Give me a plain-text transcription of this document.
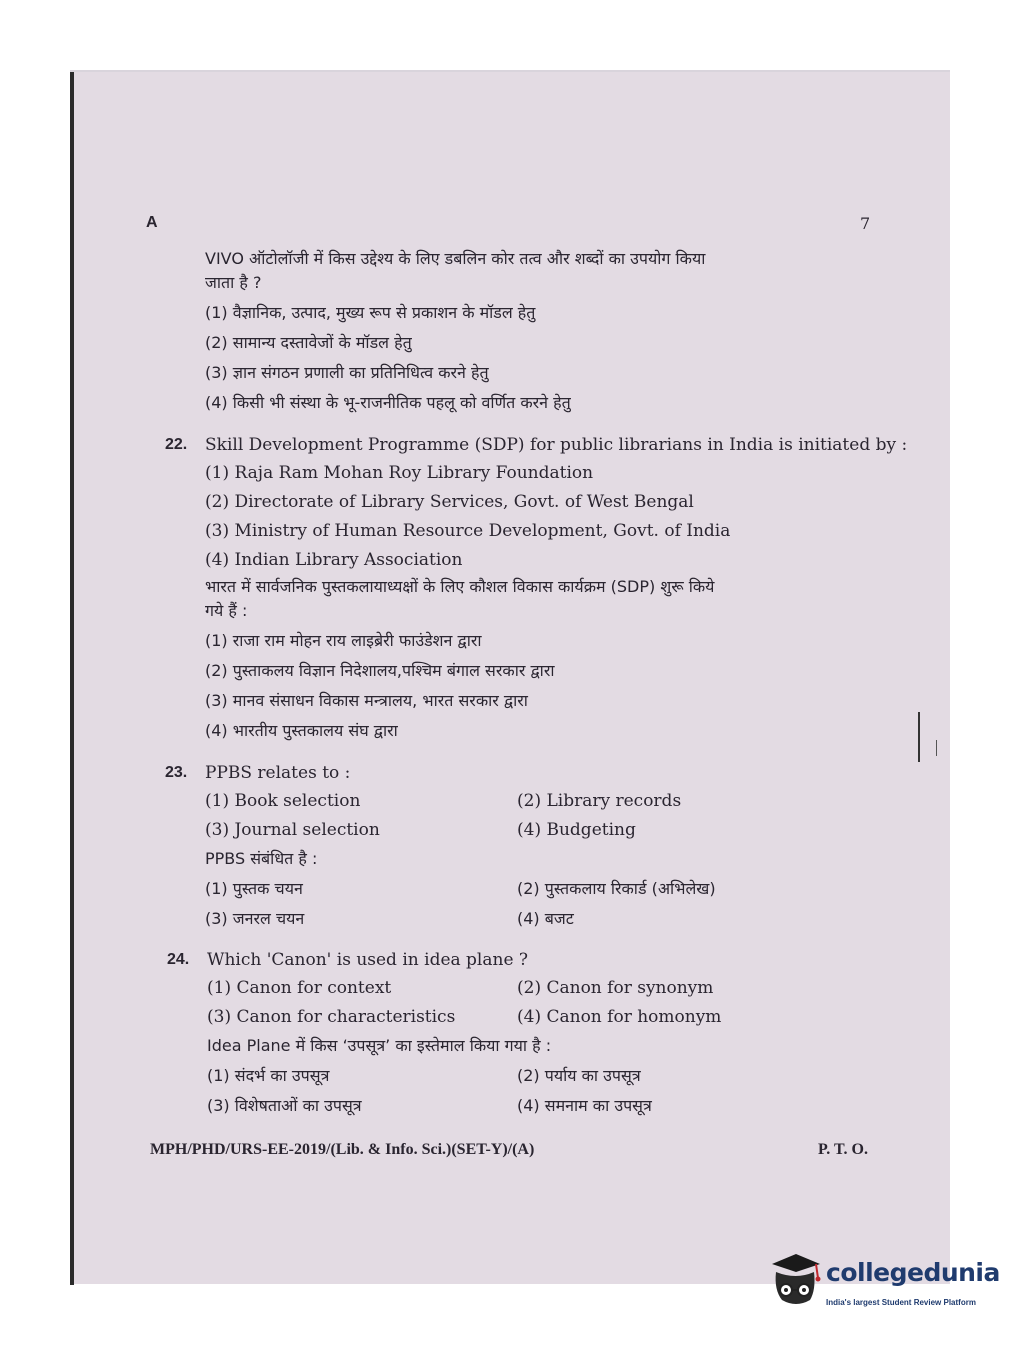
A	7
VIVO ऑटोलॉजी में किस उद्देश्य के लिए डबलिन कोर तत्व और शब्दों का उपयोग किया
जाता है ?
(1) वैज्ञानिक, उत्पाद, मुख्य रूप से प्रकाशन के मॉडल हेतु
(2) सामान्य दस्तावेजों के मॉडल हेतु
(3) ज्ञान संगठन प्रणाली का प्रतिनिधित्व करने हेतु
(4) किसी भी संस्था के भू-राजनीतिक पहलू को वर्णित करने हेतु
22. Skill Development Programme (SDP) for public librarians in India is initiated by :
(1) Raja Ram Mohan Roy Library Foundation
(2) Directorate of Library Services, Govt. of West Bengal
(3) Ministry of Human Resource Development, Govt. of India
(4) Indian Library Association
भारत में सार्वजनिक पुस्तकलायाध्यक्षों के लिए कौशल विकास कार्यक्रम (SDP) शुरू किये
गये हैं :
(1) राजा राम मोहन राय लाइब्रेरी फाउंडेशन द्वारा
(2) पुस्ताकलय विज्ञान निदेशालय,पश्चिम बंगाल सरकार द्वारा
(3) मानव संसाधन विकास मन्त्रालय, भारत सरकार द्वारा
(4) भारतीय पुस्तकालय संघ द्वारा
23. PPBS relates to :
(1) Book selection	(2) Library records
(3) Journal selection	(4) Budgeting
PPBS संबंधित है :
(1) पुस्तक चयन	(2) पुस्तकलाय रिकार्ड (अभिलेख)
(3) जनरल चयन	(4) बजट
24. Which 'Canon' is used in idea plane ?
(1) Canon for context	(2) Canon for synonym
(3) Canon for characteristics	(4) Canon for homonym
Idea Plane में किस ‘उपसूत्र’ का इस्तेमाल किया गया है :
(1) संदर्भ का उपसूत्र	(2) पर्याय का उपसूत्र
(3) विशेषताओं का उपसूत्र	(4) समनाम का उपसूत्र
MPH/PHD/URS-EE-2019/(Lib. & Info. Sci.)(SET-Y)/(A)	P. T. O.
collegedunia
India's largest Student Review Platform
